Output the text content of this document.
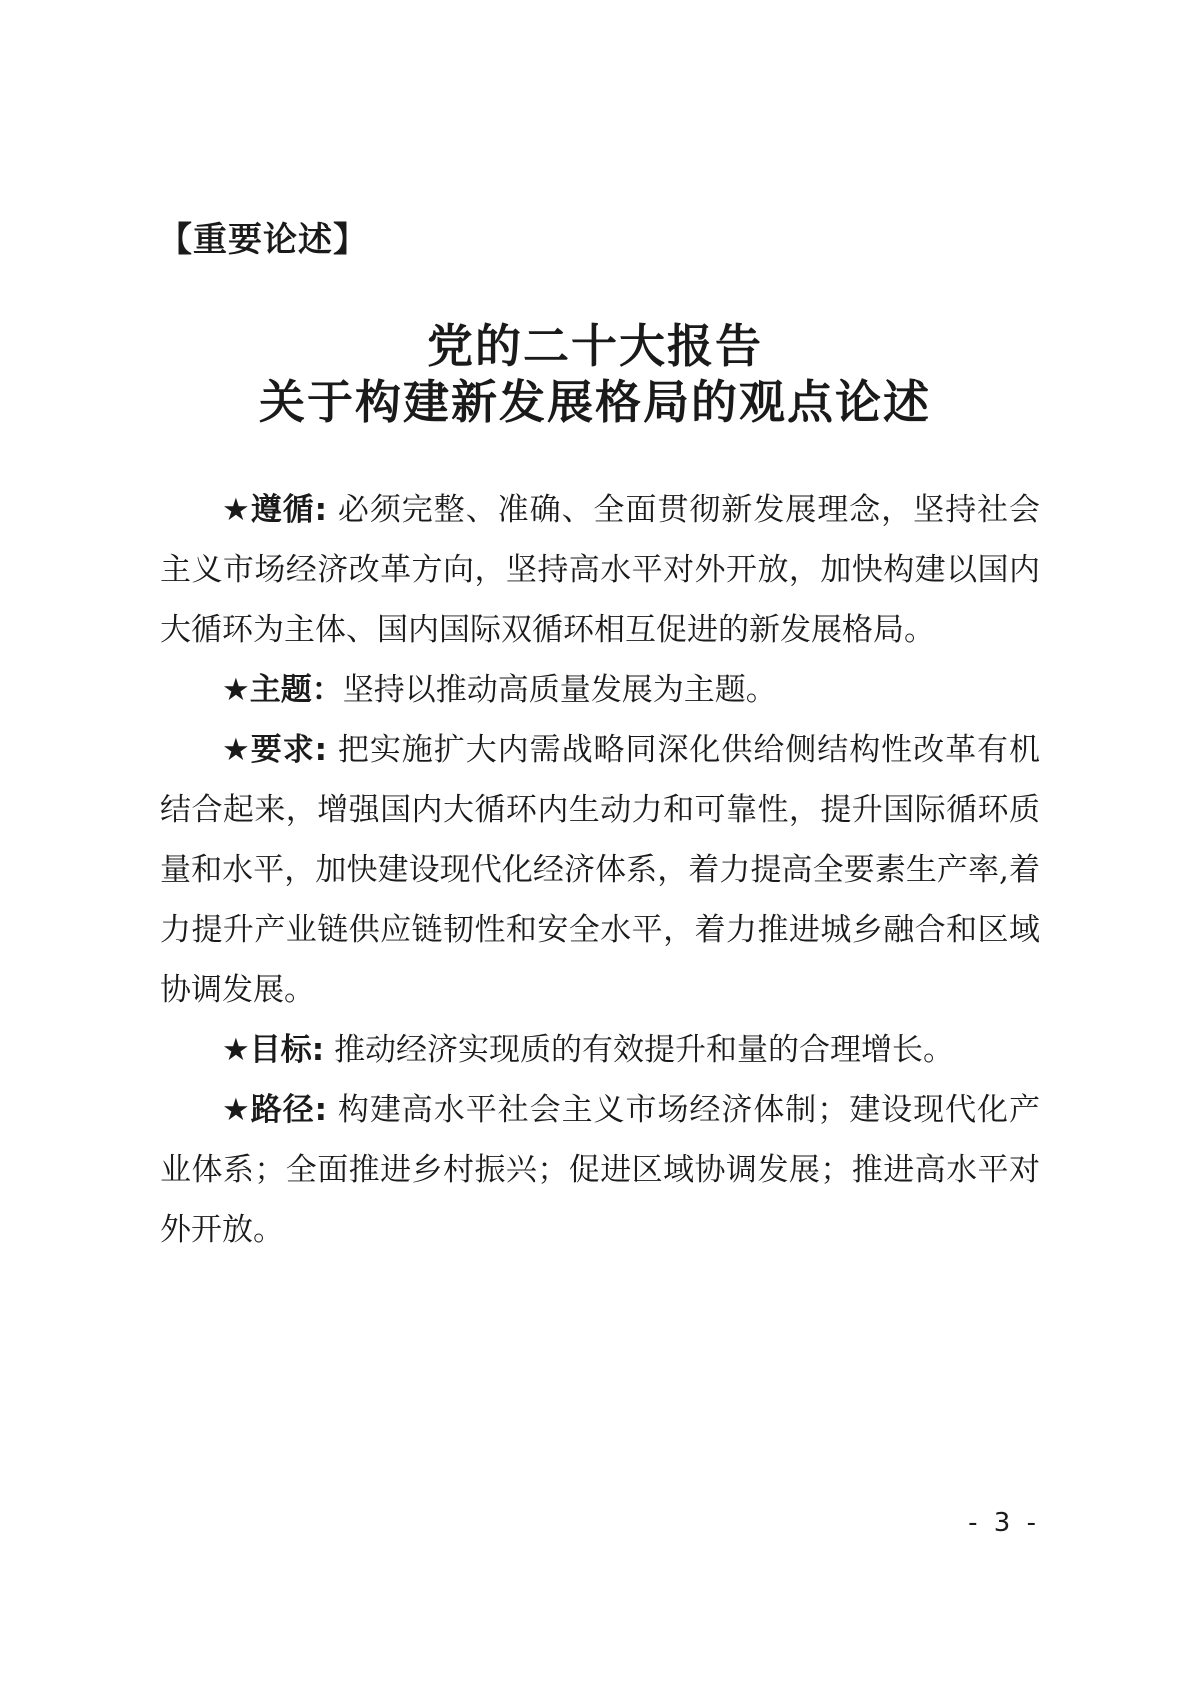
【重要论述】
党的二十大报告
关于构建新发展格局的观点论述

★遵循: 必须完整、准确、全面贯彻新发展理念，坚持社会主义市场经济改革方向，坚持高水平对外开放，加快构建以国内大循环为主体、国内国际双循环相互促进的新发展格局。

★主题：坚持以推动高质量发展为主题。

★要求: 把实施扩大内需战略同深化供给侧结构性改革有机结合起来，增强国内大循环内生动力和可靠性，提升国际循环质量和水平，加快建设现代化经济体系，着力提高全要素生产率,着力提升产业链供应链韧性和安全水平，着力推进城乡融合和区域协调发展。

★目标: 推动经济实现质的有效提升和量的合理增长。

★路径: 构建高水平社会主义市场经济体制；建设现代化产业体系；全面推进乡村振兴；促进区域协调发展；推进高水平对外开放。

- 3 -
